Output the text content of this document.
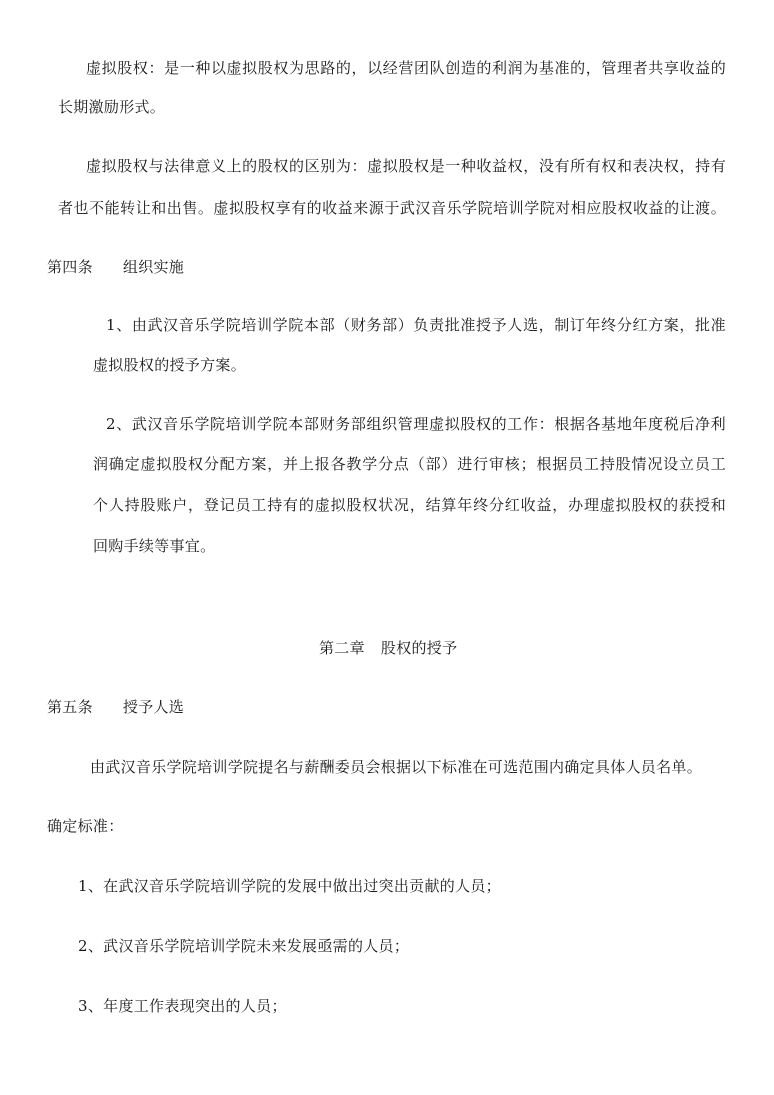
虚拟股权：是一种以虚拟股权为思路的，以经营团队创造的利润为基准的，管理者共享收益的
长期激励形式。
虚拟股权与法律意义上的股权的区别为：虚拟股权是一种收益权，没有所有权和表决权，持有
者也不能转让和出售。虚拟股权享有的收益来源于武汉音乐学院培训学院对相应股权收益的让渡。
第四条 组织实施
1、由武汉音乐学院培训学院本部（财务部）负责批准授予人选，制订年终分红方案，批准
虚拟股权的授予方案。
2、武汉音乐学院培训学院本部财务部组织管理虚拟股权的工作：根据各基地年度税后净利
润确定虚拟股权分配方案，并上报各教学分点（部）进行审核；根据员工持股情况设立员工
个人持股账户，登记员工持有的虚拟股权状况，结算年终分红收益，办理虚拟股权的获授和
回购手续等事宜。
第二章 股权的授予
第五条 授予人选
由武汉音乐学院培训学院提名与薪酬委员会根据以下标准在可选范围内确定具体人员名单。
确定标准：
1、在武汉音乐学院培训学院的发展中做出过突出贡献的人员；
2、武汉音乐学院培训学院未来发展亟需的人员；
3、年度工作表现突出的人员；
